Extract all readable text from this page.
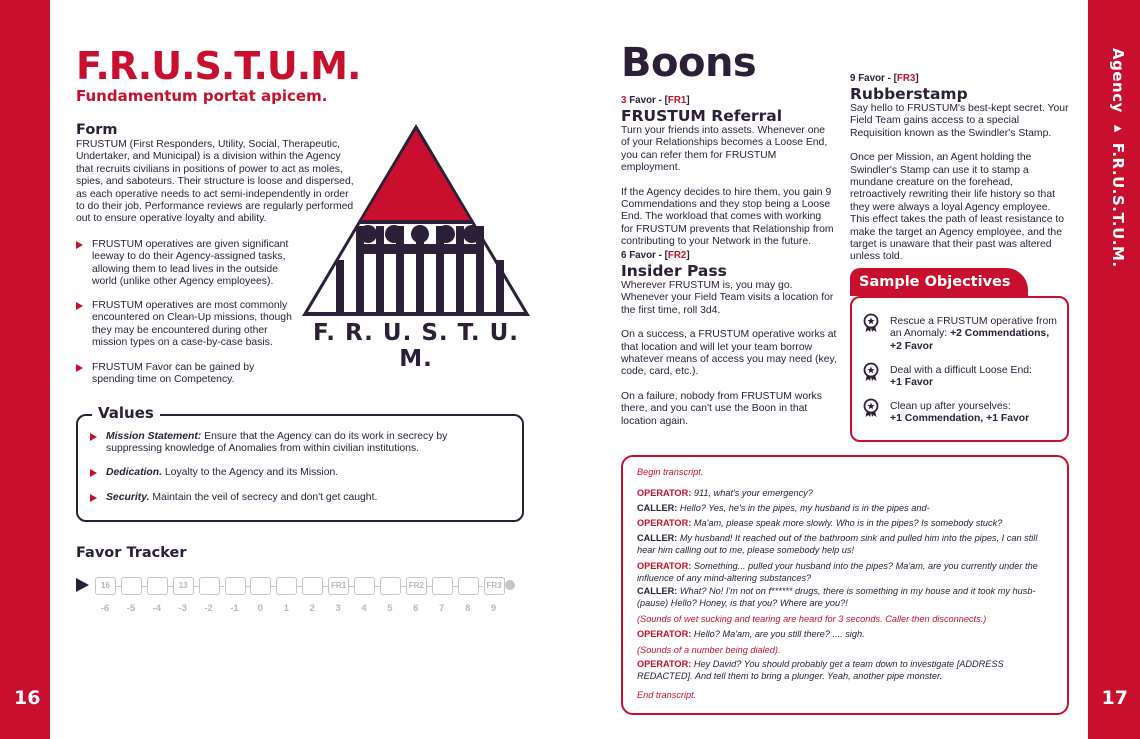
16
Agency ▸ F.R.U.S.T.U.M.
17
F.R.U.S.T.U.M.
Fundamentum portat apicem.
Form
FRUSTUM (First Responders, Utility, Social, Therapeutic, Undertaker, and Municipal) is a division within the Agency that recruits civilians in positions of power to act as moles, spies, and saboteurs. Their structure is loose and dispersed, as each operative needs to act semi-independently in order to do their job. Performance reviews are regularly performed out to ensure operative loyalty and ability.
FRUSTUM operatives are given significant leeway to do their Agency-assigned tasks, allowing them to lead lives in the outside world (unlike other Agency employees).
FRUSTUM operatives are most commonly encountered on Clean-Up missions, though they may be encountered during other mission types on a case-by-case basis.
FRUSTUM Favor can be gained by spending time on Competency.
F. R. U. S. T. U. M.
Values
Mission Statement: Ensure that the Agency can do its work in secrecy by suppressing knowledge of Anomalies from within civilian institutions.
Dedication. Loyalty to the Agency and its Mission.
Security. Maintain the veil of secrecy and don't get caught.
Favor Tracker
16	13	FR1	FR2	FR3
Boons
3 Favor - [FR1]
FRUSTUM Referral
Turn your friends into assets. Whenever one of your Relationships becomes a Loose End, you can refer them for FRUSTUM employment.
If the Agency decides to hire them, you gain 9 Commendations and they stop being a Loose End. The workload that comes with working for FRUSTUM prevents that Relationship from contributing to your Network in the future.
6 Favor - [FR2]
Insider Pass
Wherever FRUSTUM is, you may go. Whenever your Field Team visits a location for the first time, roll 3d4.
On a success, a FRUSTUM operative works at that location and will let your team borrow whatever means of access you may need (key, code, card, etc.).
On a failure, nobody from FRUSTUM works there, and you can't use the Boon in that location again.
9 Favor - [FR3]
Rubberstamp
Say hello to FRUSTUM's best-kept secret. Your Field Team gains access to a special Requisition known as the Swindler's Stamp.
Once per Mission, an Agent holding the Swindler's Stamp can use it to stamp a mundane creature on the forehead, retroactively rewriting their life history so that they were always a loyal Agency employee. This effect takes the path of least resistance to make the target an Agency employee, and the target is unaware that their past was altered unless told.
Sample Objectives
Rescue a FRUSTUM operative from an Anomaly: +2 Commendations, +2 Favor
Deal with a difficult Loose End:
+1 Favor
Clean up after yourselves:
+1 Commendation, +1 Favor
Begin transcript.
OPERATOR: 911, what's your emergency?
CALLER: Hello? Yes, he's in the pipes, my husband is in the pipes and-
OPERATOR: Ma'am, please speak more slowly. Who is in the pipes? Is somebody stuck?
CALLER: My husband! It reached out of the bathroom sink and pulled him into the pipes, I can still hear him calling out to me, please somebody help us!
OPERATOR: Something... pulled your husband into the pipes? Ma'am, are you currently under the influence of any mind-altering substances?
CALLER: What? No! I'm not on f****** drugs, there is something in my house and it took my husb- (pause) Hello? Honey, is that you? Where are you?!
(Sounds of wet sucking and tearing are heard for 3 seconds. Caller then disconnects.)
OPERATOR: Hello? Ma'am, are you still there? .... sigh.
(Sounds of a number being dialed).
OPERATOR: Hey David? You should probably get a team down to investigate [ADDRESS REDACTED]. And tell them to bring a plunger. Yeah, another pipe monster.
End transcript.
-6	-5	-4	-3	-2	-1	0	1	2	3	4	5	6	7	8	9
